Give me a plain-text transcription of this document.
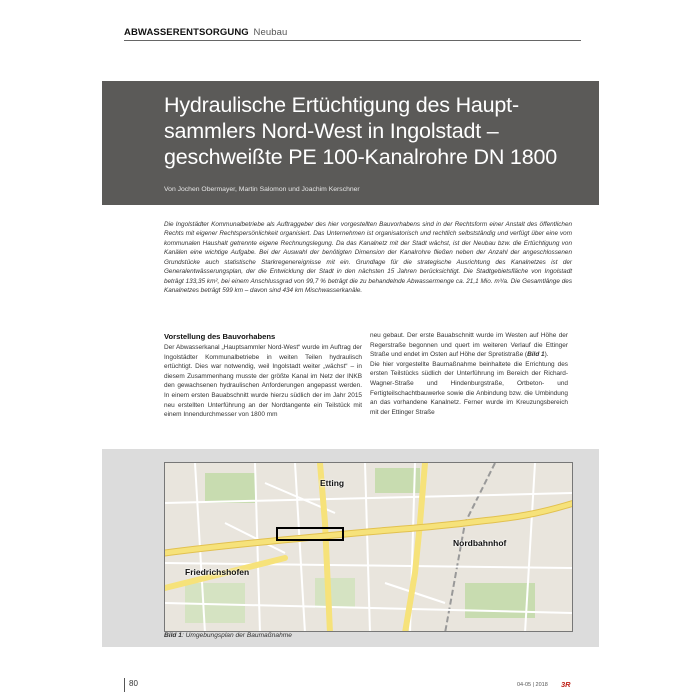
ABWASSERENTSORGUNG Neubau
Hydraulische Ertüchtigung des Haupt-sammlers Nord-West in Ingolstadt – geschweißte PE 100-Kanalrohre DN 1800
Von Jochen Obermayer, Martin Salomon und Joachim Kerschner
Die Ingolstädter Kommunalbetriebe als Auftraggeber des hier vorgestellten Bauvorhabens sind in der Rechtsform einer Anstalt des öffentlichen Rechts mit eigener Rechtspersönlichkeit organisiert. Das Unternehmen ist organisatorisch und rechtlich selbstständig und verfügt über eine vom kommunalen Haushalt getrennte eigene Rechnungslegung. Da das Kanalnetz mit der Stadt wächst, ist der Neubau bzw. die Ertüchtigung von Kanälen eine wichtige Aufgabe. Bei der Auswahl der benötigten Dimension der Kanalrohre fließen neben der Anzahl der angeschlossenen Grundstücke auch statistische Starkregenereignisse mit ein. Grundlage für die strategische Ausrichtung des Kanalnetzes ist der Generalentwässerungsplan, der die Entwicklung der Stadt in den nächsten 15 Jahren berücksichtigt. Die Stadtgebietsfläche von Ingolstadt beträgt 133,35 km², bei einem Anschlussgrad von 99,7 % beträgt die zu behandelnde Abwassermenge ca. 21,1 Mio. m³/a. Die Gesamtlänge des Kanalnetzes beträgt 599 km – davon sind 434 km Mischwasserkanäle.
Vorstellung des Bauvorhabens

Der Abwasserkanal „Hauptsammler Nord-West“ wurde im Auftrag der Ingolstädter Kommunalbetriebe in weiten Teilen hydraulisch ertüchtigt. Dies war notwendig, weil Ingolstadt weiter „wächst“ – in diesem Zusammenhang musste der größte Kanal im Netz der INKB den gewachsenen hydraulischen Anforderungen angepasst werden. In einem ersten Bauabschnitt wurde hierzu südlich der im Jahr 2015 neu erstellten Unterführung an der Nordtangente ein Teilstück mit einem Innendurchmesser von 1800 mm

neu gebaut. Der erste Bauabschnitt wurde im Westen auf Höhe der Regerstraße begonnen und quert im weiteren Verlauf die Ettinger Straße und endet im Osten auf Höhe der Spretistraße (Bild 1).

Die hier vorgestellte Baumaßnahme beinhaltete die Errichtung des ersten Teilstücks südlich der Unterführung im Bereich der Richard-Wagner-Straße und Hindenburgstraße, Ortbeton- und Fertigteilschachtbauwerke sowie die Anbindung bzw. die Umbindung an das vorhandene Kanalnetz. Ferner wurde im Kreuzungsbereich mit der Ettinger Straße

Etting
Nordbahnhof
Friedrichshofen
Bild 1: Umgebungsplan der Baumaßnahme
80	04-05 | 2018 3R
